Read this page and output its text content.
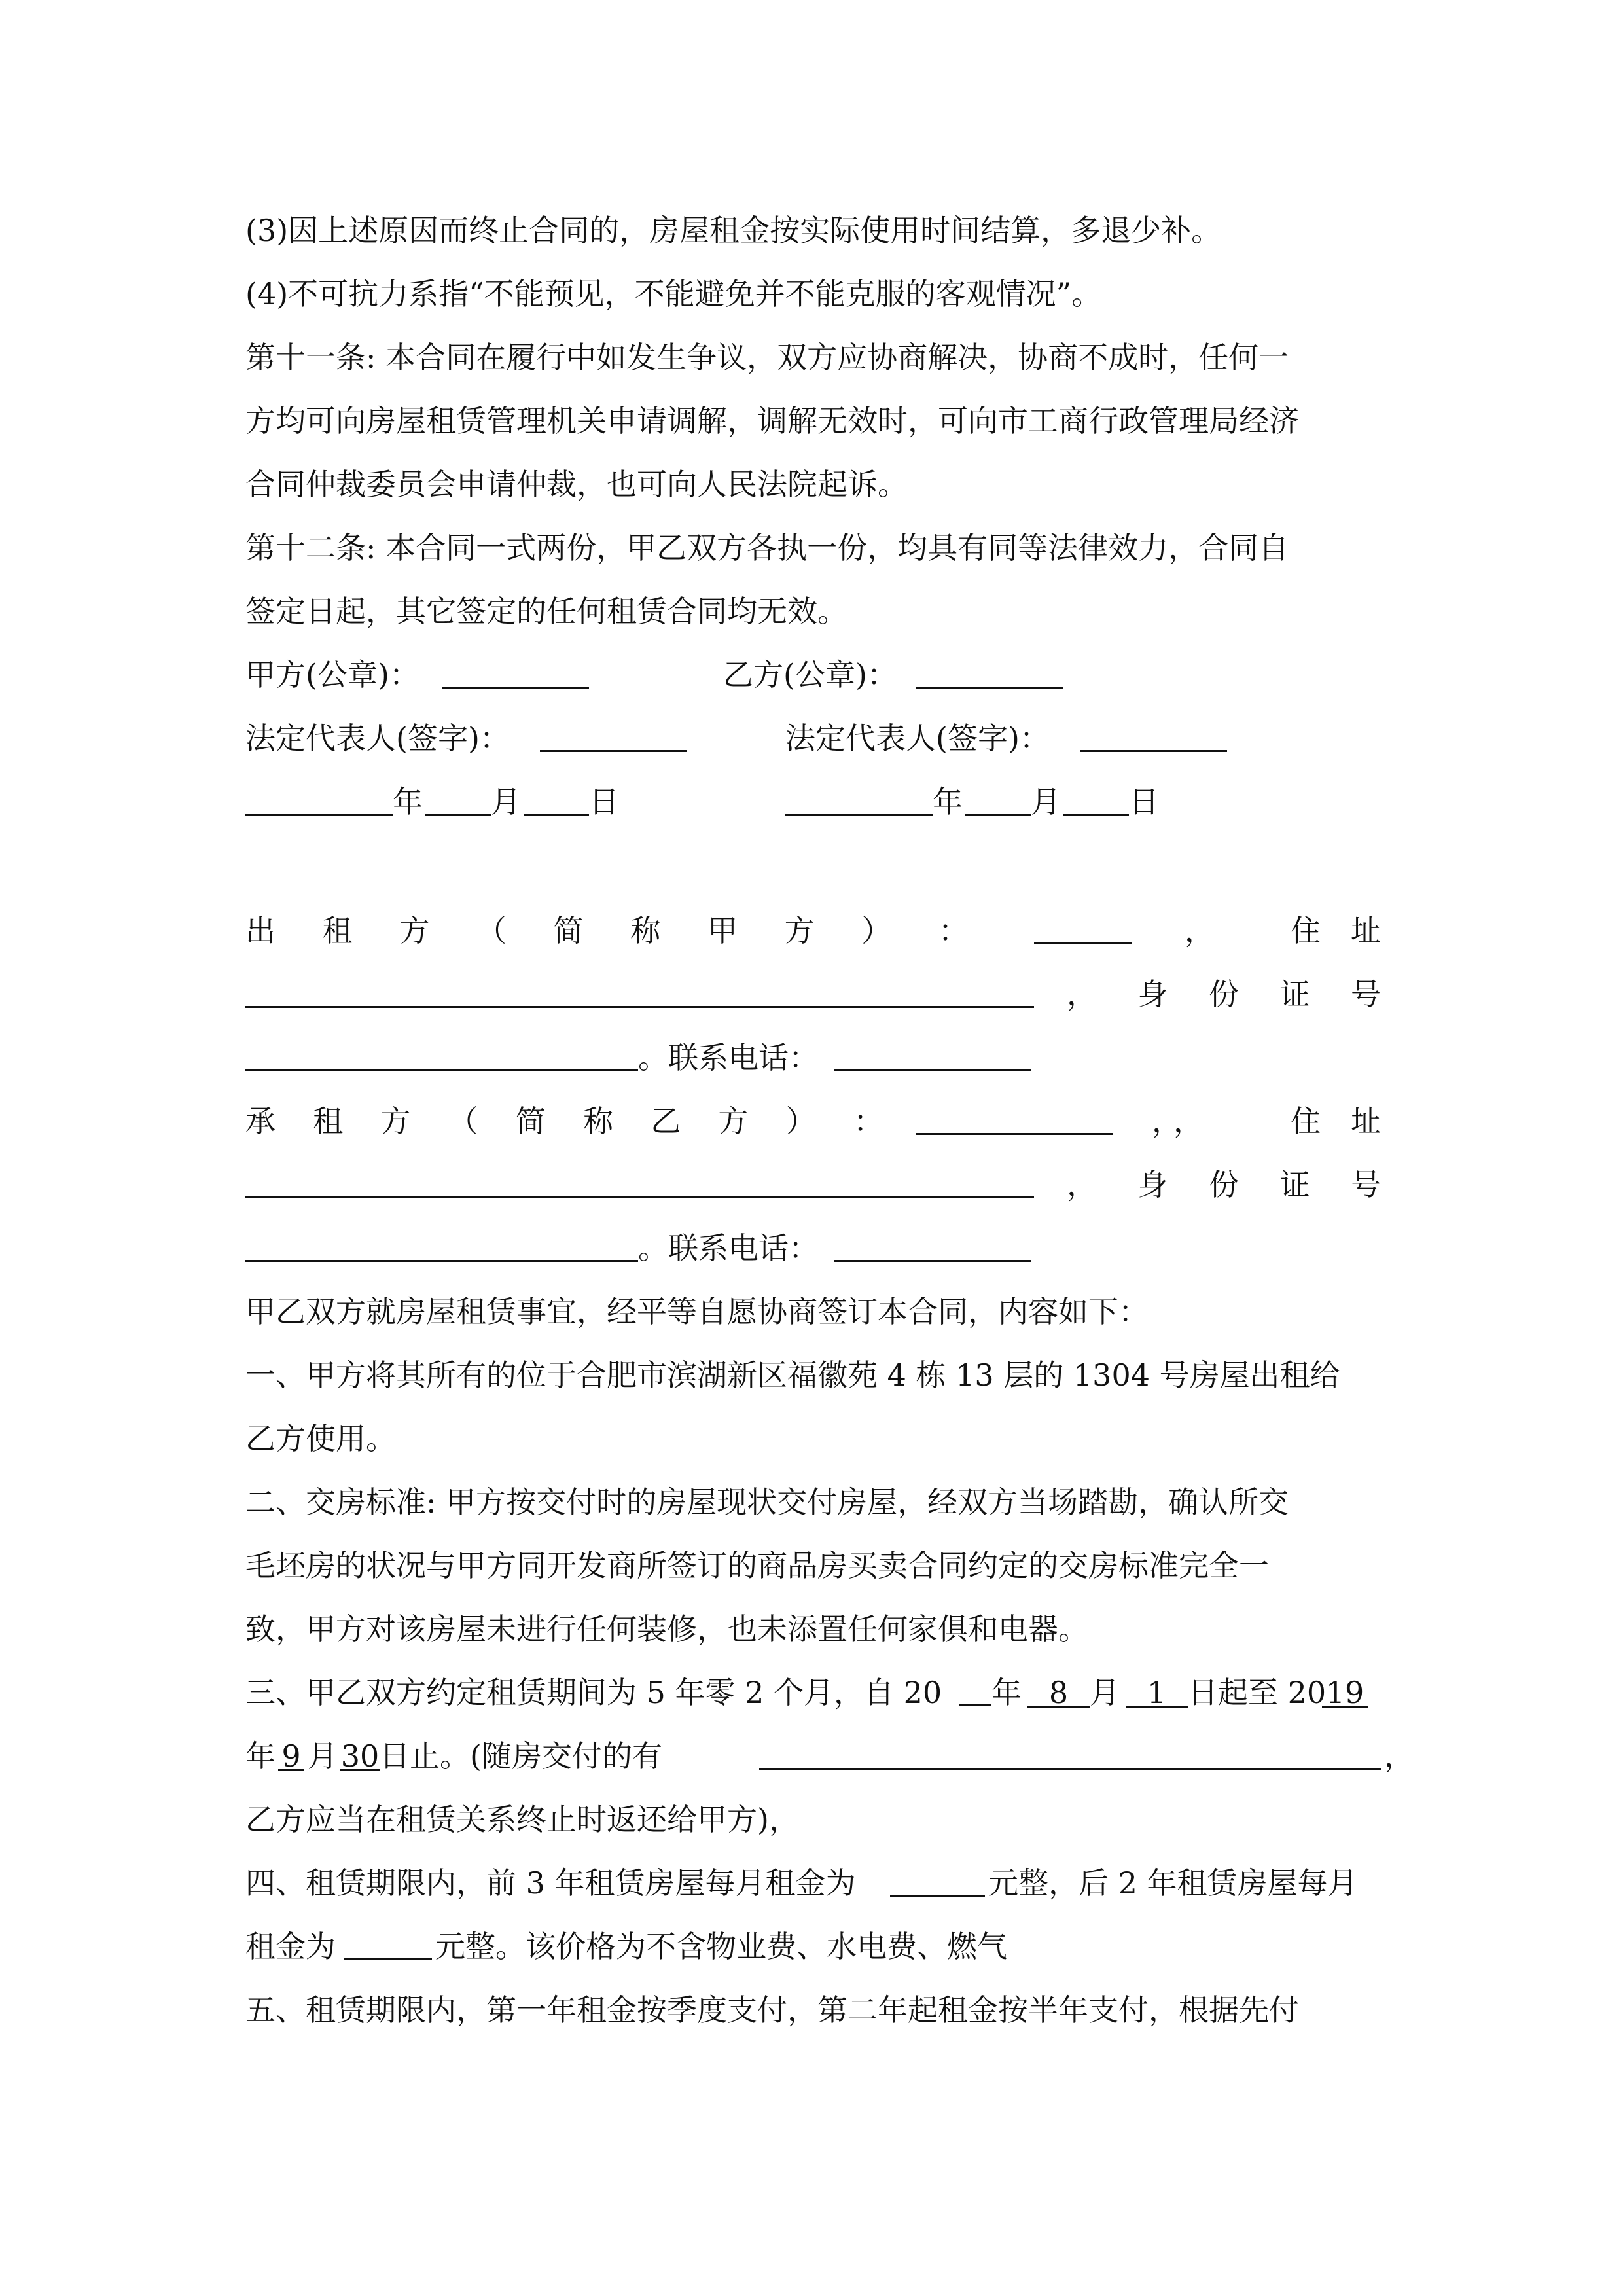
(3)因上述原因而终止合同的，房屋租金按实际使用时间结算，多退少补。
(4)不可抗力系指“不能预见，不能避免并不能克服的客观情况”。
第十一条: 本合同在履行中如发生争议，双方应协商解决，协商不成时，任何一
方均可向房屋租赁管理机关申请调解，调解无效时，可向市工商行政管理局经济
合同仲裁委员会申请仲裁，也可向人民法院起诉。
第十二条: 本合同一式两份，甲乙双方各执一份，均具有同等法律效力，合同自
签定日起，其它签定的任何租赁合同均无效。
甲方(公章)：	乙方(公章)：
法定代表人(签字)：	法定代表人(签字)：
年 月 日	年 月 日
出 租 方 （ 简 称 甲 方 ） ：	，	住　址
， 身 份 证 号
。联系电话：
承 租 方 （ 简 称 乙 方 ） ：	，，	住　址
， 身 份 证 号
。联系电话：
甲乙双方就房屋租赁事宜，经平等自愿协商签订本合同，内容如下：
一、甲方将其所有的位于合肥市滨湖新区福徽苑 4 栋 13 层的 1304 号房屋出租给
乙方使用。
二、交房标准: 甲方按交付时的房屋现状交付房屋，经双方当场踏勘，确认所交
毛坯房的状况与甲方同开发商所签订的商品房买卖合同约定的交房标准完全一
致，甲方对该房屋未进行任何装修，也未添置任何家俱和电器。
三、甲乙双方约定租赁期间为 5 年零 2 个月，自 20 年 8 月 1 日起至 20 19
年 9 月 30 日止。(随房交付的有	，
乙方应当在租赁关系终止时返还给甲方)，
四、租赁期限内，前 3 年租赁房屋每月租金为	元整，后 2 年租赁房屋每月
租金为	元整。该价格为不含物业费、水电费、燃气
五、租赁期限内，第一年租金按季度支付，第二年起租金按半年支付，根据先付
